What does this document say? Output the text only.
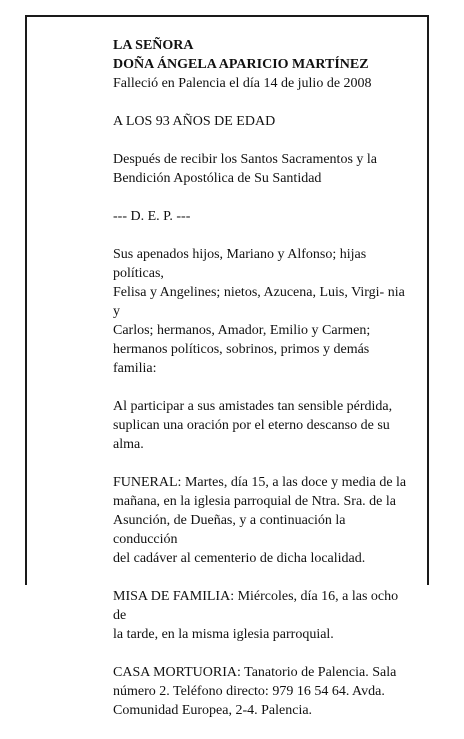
LA SEÑORA

DOÑA ÁNGELA APARICIO MARTÍNEZ

Falleció en Palencia el día 14 de julio de 2008

A LOS 93 AÑOS DE EDAD

Después de recibir los Santos Sacramentos y la

Bendición Apostólica de Su Santidad

--- D. E. P. ---

Sus apenados hijos, Mariano y Alfonso; hijas políticas,

Felisa y Angelines; nietos, Azucena, Luis, Virgi- nia y

Carlos; hermanos, Amador, Emilio y Carmen;

hermanos políticos, sobrinos, primos y demás familia:

Al participar a sus amistades tan sensible pérdida,

suplican una oración por el eterno descanso de su alma.

FUNERAL: Martes, día 15, a las doce y media de la

mañana, en la iglesia parroquial de Ntra. Sra. de la

Asunción, de Dueñas, y a continuación la conducción

del cadáver al cementerio de dicha localidad.

MISA DE FAMILIA: Miércoles, día 16, a las ocho de

la tarde, en la misma iglesia parroquial.

CASA MORTUORIA: Tanatorio de Palencia. Sala

número 2. Teléfono directo: 979 16 54 64. Avda.

Comunidad Europea, 2-4. Palencia.
